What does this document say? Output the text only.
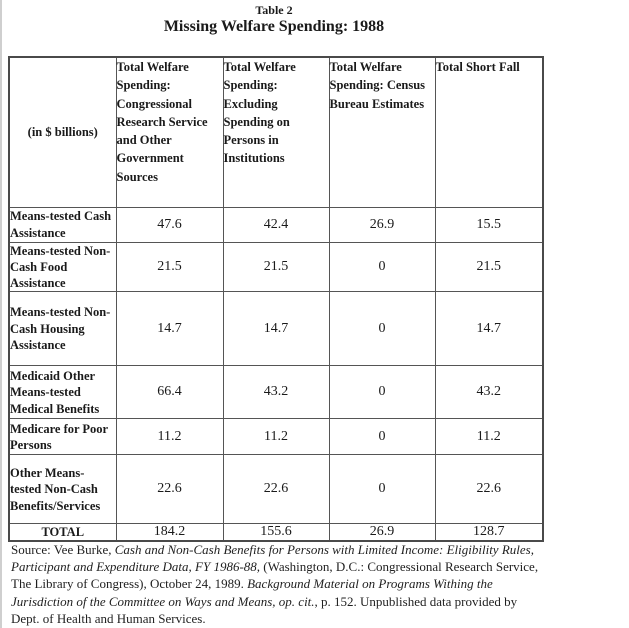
Table 2
Missing Welfare Spending: 1988
(in $ billions)	Total Welfare Spending: Congressional Research Service and Other Government Sources	Total Welfare Spending: Excluding Spending on Persons in Institutions	Total Welfare Spending: Census Bureau Estimates	Total Short Fall
Means-tested Cash Assistance	47.6	42.4	26.9	15.5
Means-tested Non-Cash Food Assistance	21.5	21.5	0	21.5
Means-tested Non-Cash Housing Assistance	14.7	14.7	0	14.7
Medicaid Other Means-tested Medical Benefits	66.4	43.2	0	43.2
Medicare for Poor Persons	11.2	11.2	0	11.2
Other Means-tested Non-Cash Benefits/Services	22.6	22.6	0	22.6
TOTAL	184.2	155.6	26.9	128.7
Source: Vee Burke, Cash and Non-Cash Benefits for Persons with Limited Income: Eligibility Rules, Participant and Expenditure Data, FY 1986-88, (Washington, D.C.: Congressional Research Service, The Library of Congress), October 24, 1989. Background Material on Programs Withing the Jurisdiction of the Committee on Ways and Means, op. cit., p. 152. Unpublished data provided by Dept. of Health and Human Services.
